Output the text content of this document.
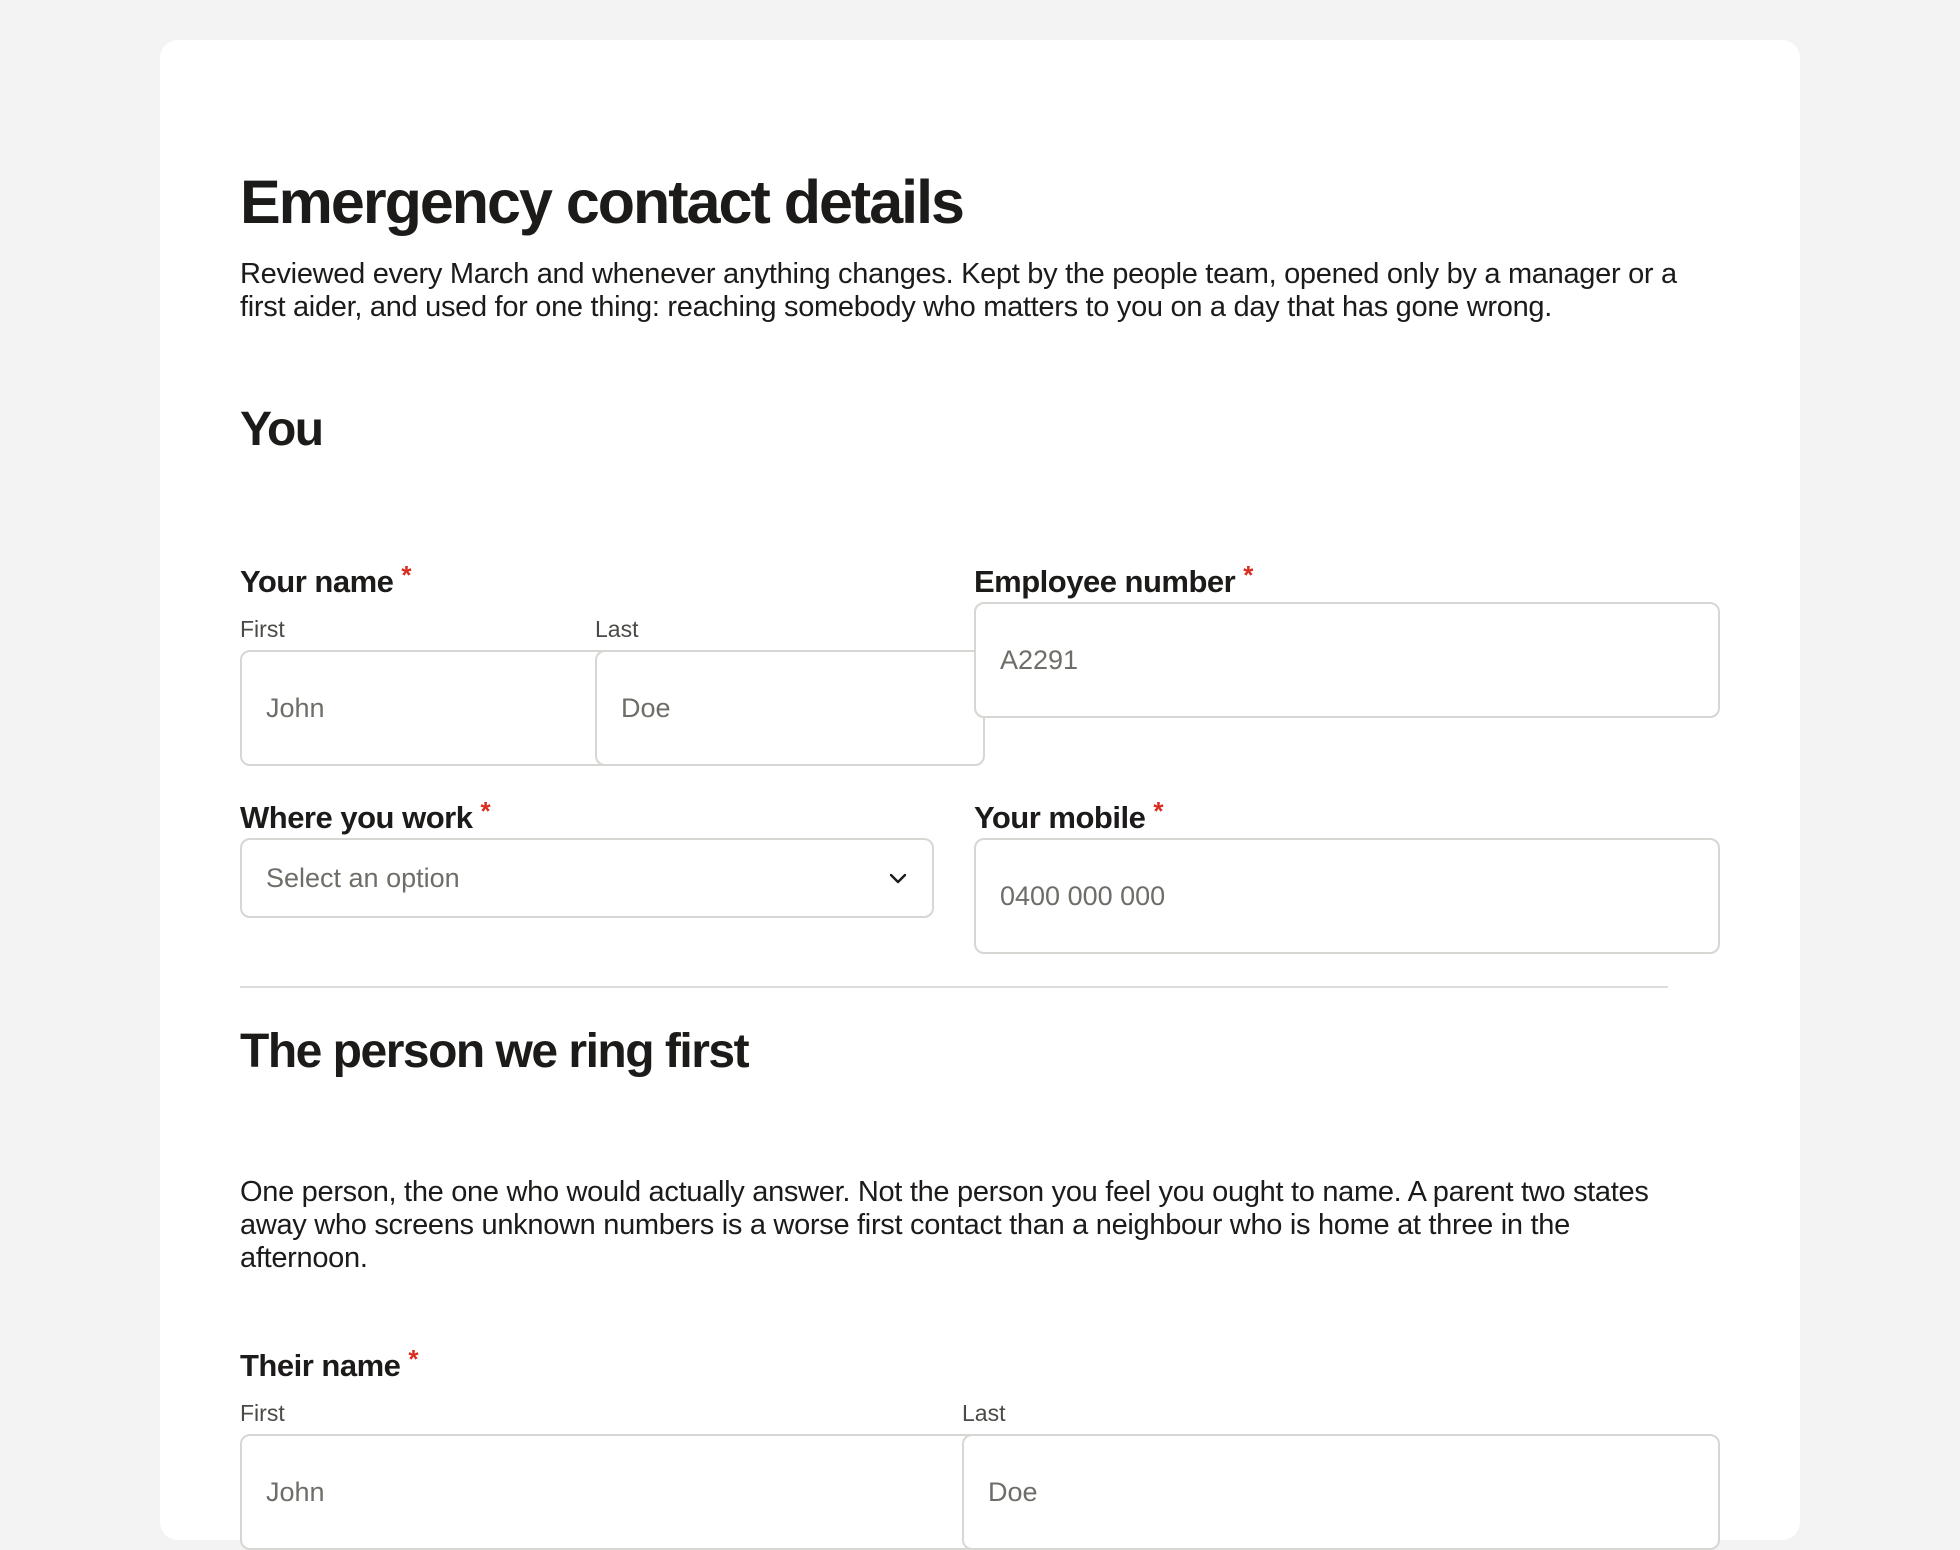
Emergency contact details

Reviewed every March and whenever anything changes. Kept by the people team, opened only by a manager or a first aider, and used for one thing: reaching somebody who matters to you on a day that has gone wrong.

You
Your name *
First	Last
John
Doe
Employee number *
A2291
Where you work *
Select an option
Your mobile *
0400 000 000
The person we ring first

One person, the one who would actually answer. Not the person you feel you ought to name. A parent two states away who screens unknown numbers is a worse first contact than a neighbour who is home at three in the afternoon.

Their name *
First	Last
John
Doe
